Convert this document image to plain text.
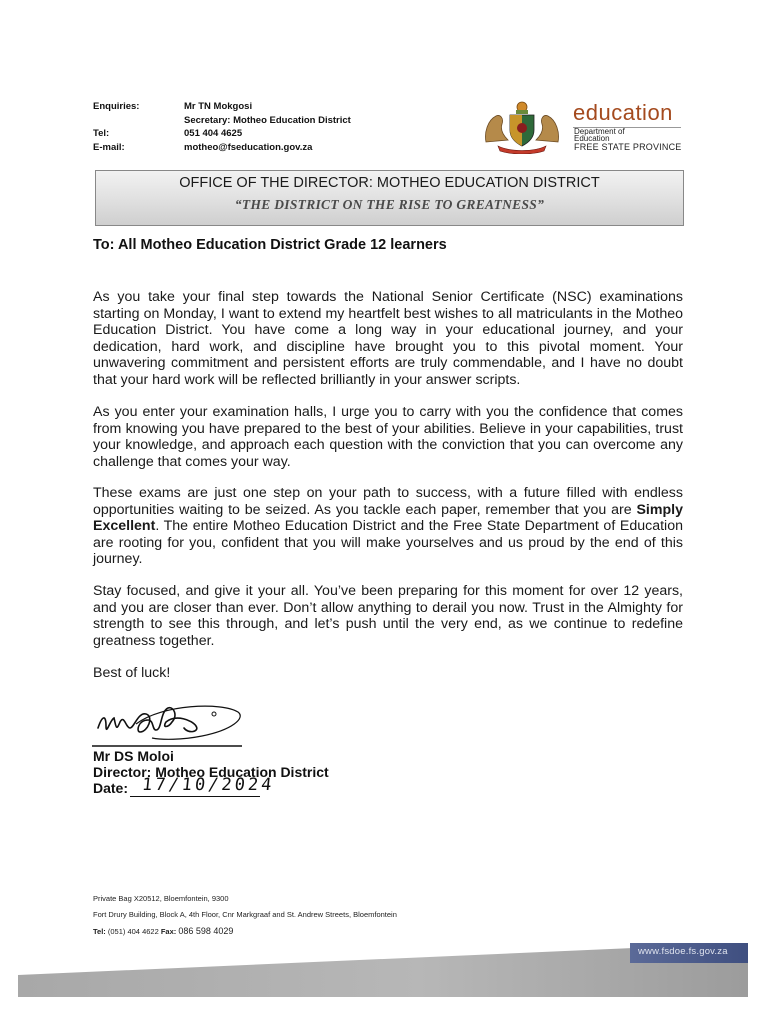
Enquiries:	Mr TN Mokgosi
Secretary: Motheo Education District
Tel:	051 404 4625
E-mail:	motheo@fseducation.gov.za
education
Department of
Education
FREE STATE PROVINCE
OFFICE OF THE DIRECTOR: MOTHEO EDUCATION DISTRICT
“THE DISTRICT ON THE RISE TO GREATNESS”
To: All Motheo Education District Grade 12 learners
As you take your final step towards the National Senior Certificate (NSC) examinations starting on Monday, I want to extend my heartfelt best wishes to all matriculants in the Motheo Education District. You have come a long way in your educational journey, and your dedication, hard work, and discipline have brought you to this pivotal moment. Your unwavering commitment and persistent efforts are truly commendable, and I have no doubt that your hard work will be reflected brilliantly in your answer scripts.
As you enter your examination halls, I urge you to carry with you the confidence that comes from knowing you have prepared to the best of your abilities. Believe in your capabilities, trust your knowledge, and approach each question with the conviction that you can overcome any challenge that comes your way.
These exams are just one step on your path to success, with a future filled with endless opportunities waiting to be seized. As you tackle each paper, remember that you are Simply Excellent. The entire Motheo Education District and the Free State Department of Education are rooting for you, confident that you will make yourselves and us proud by the end of this journey.
Stay focused, and give it your all. You’ve been preparing for this moment for over 12 years, and you are closer than ever. Don’t allow anything to derail you now. Trust in the Almighty for strength to see this through, and let’s push until the very end, as we continue to redefine greatness together.
Best of luck!
Mr DS Moloi
Director: Motheo Education District
Date: 17/10/2024
Private Bag X20512, Bloemfontein, 9300
Fort Drury Building, Block A, 4th Floor, Cnr Markgraaf and St. Andrew Streets, Bloemfontein
Tel: (051) 404 4622 Fax: 086 598 4029
www.fsdoe.fs.gov.za
